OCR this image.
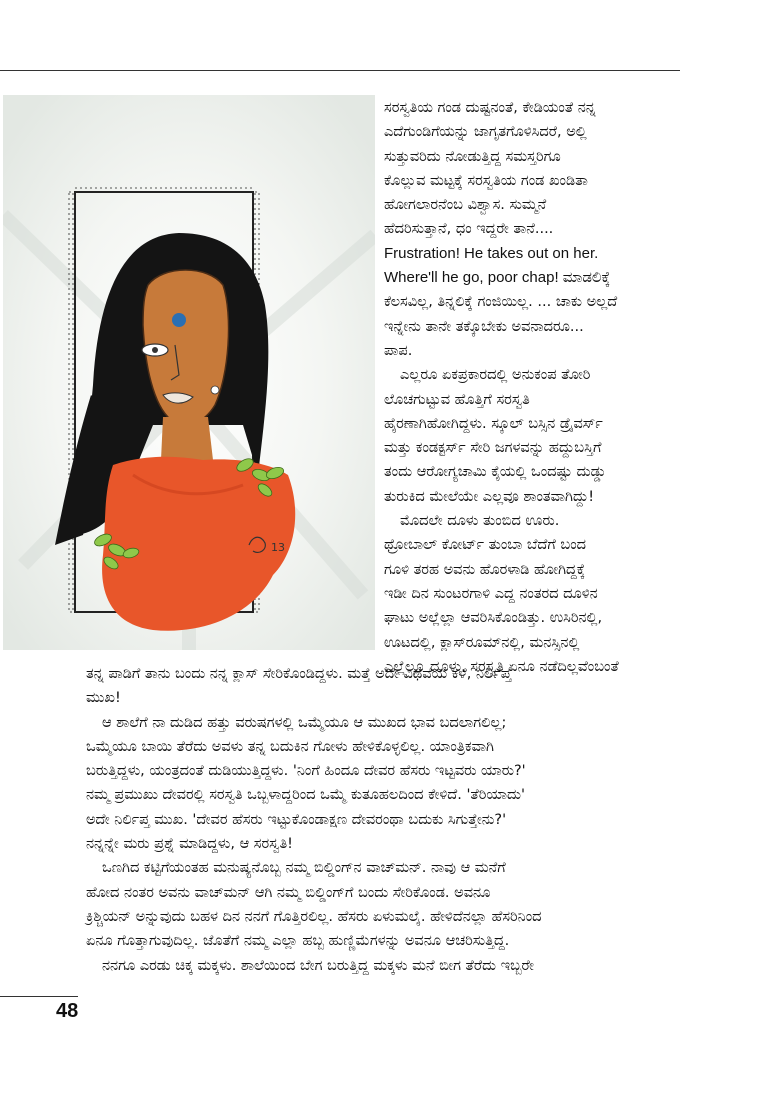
13
ಸರಸ್ವತಿಯ ಗಂಡ ದುಷ್ಟನಂತೆ, ಕೇಡಿಯಂತೆ ನನ್ನ
ಎದೆಗುಂಡಿಗೆಯನ್ನು ಜಾಗೃತಗೊಳಿಸಿದರೆ, ಅಲ್ಲಿ
ಸುತ್ತುವರಿದು ನೋಡುತ್ತಿದ್ದ ಸಮಸ್ತರಿಗೂ
ಕೊಲ್ಲುವ ಮಟ್ಟಕ್ಕೆ ಸರಸ್ವತಿಯ ಗಂಡ ಖಂಡಿತಾ
ಹೋಗಲಾರನೆಂಬ ವಿಶ್ವಾಸ. ಸುಮ್ಮನೆ
ಹೆದರಿಸುತ್ತಾನೆ, ಧಂ ಇದ್ದರೇ ತಾನೆ....
Frustration! He takes out on her.
Where'll he go, poor chap! ಮಾಡಲಿಕ್ಕೆ
ಕೆಲಸವಿಲ್ಲ, ತಿನ್ನಲಿಕ್ಕೆ ಗಂಜಿಯಿಲ್ಲ. ... ಚಾಕು ಅಲ್ಲದೆ
ಇನ್ನೇನು ತಾನೇ ತಕ್ಕೊಬೇಕು ಅವನಾದರೂ...
ಪಾಪ.
ಎಲ್ಲರೂ ಏಕಪ್ರಕಾರದಲ್ಲಿ ಅನುಕಂಪ ತೋರಿ
ಲೊಚಗುಟ್ಟುವ ಹೊತ್ತಿಗೆ ಸರಸ್ವತಿ
ಹೈರಣಾಗಿಹೋಗಿದ್ದಳು. ಸ್ಕೂಲ್ ಬಸ್ಸಿನ ಡ್ರೈವರ್ಸ್
ಮತ್ತು ಕಂಡಕ್ಟರ್ಸ್ ಸೇರಿ ಜಗಳವನ್ನು ಹದ್ದುಬಸ್ತಿಗೆ
ತಂದು ಆರೋಗ್ಯಚಾಮಿ ಕೈಯಲ್ಲಿ ಒಂದಷ್ಟು ದುಡ್ಡು
ತುರುಕಿದ ಮೇಲೆಯೇ ಎಲ್ಲವೂ ಶಾಂತವಾಗಿದ್ದು!
ಮೊದಲೇ ದೂಳು ತುಂಬಿದ ಊರು.
ಥ್ರೋಬಾಲ್ ಕೋರ್ಟ್ ತುಂಬಾ ಬೆದೆಗೆ ಬಂದ
ಗೂಳಿ ತರಹ ಅವನು ಹೊರಳಾಡಿ ಹೋಗಿದ್ದಕ್ಕೆ
ಇಡೀ ದಿನ ಸುಂಟರಗಾಳಿ ಎದ್ದ ನಂತರದ ದೂಳಿನ
ಘಾಟು ಅಲ್ಲೆಲ್ಲಾ ಆವರಿಸಿಕೊಂಡಿತ್ತು. ಉಸಿರಿನಲ್ಲಿ,
ಊಟದಲ್ಲಿ, ಕ್ಲಾಸ್‌ರೂಮ್‌ನಲ್ಲಿ, ಮನಸ್ಸಿನಲ್ಲಿ
ಎಲ್ಲೆಲ್ಲೂ ದೂಳು. ಸರಸ್ವತಿ ಏನೂ ನಡೆದಿಲ್ಲವೆಂಬಂತೆ
ತನ್ನ ಪಾಡಿಗೆ ತಾನು ಬಂದು ನನ್ನ ಕ್ಲಾಸ್ ಸೇರಿಕೊಂಡಿದ್ದಳು. ಮತ್ತೆ ಅದೇ ವಿಧವೆಯ ಕಳೆ, ನಿರ್ಲಿಪ್ತ
ಮುಖ!
ಆ ಶಾಲೆಗೆ ನಾ ದುಡಿದ ಹತ್ತು ವರುಷಗಳಲ್ಲಿ ಒಮ್ಮೆಯೂ ಆ ಮುಖದ ಭಾವ ಬದಲಾಗಲಿಲ್ಲ;
ಒಮ್ಮೆಯೂ ಬಾಯಿ ತೆರೆದು ಅವಳು ತನ್ನ ಬದುಕಿನ ಗೋಳು ಹೇಳಿಕೊಳ್ಳಲಿಲ್ಲ. ಯಾಂತ್ರಿಕವಾಗಿ
ಬರುತ್ತಿದ್ದಳು, ಯಂತ್ರದಂತೆ ದುಡಿಯುತ್ತಿದ್ದಳು. 'ನಿಂಗೆ ಹಿಂದೂ ದೇವರ ಹೆಸರು ಇಟ್ಟವರು ಯಾರು?'
ನಮ್ಮ ಪ್ರಮುಖು ದೇವರಲ್ಲಿ ಸರಸ್ವತಿ ಒಬ್ಬಳಾದ್ದರಿಂದ ಒಮ್ಮೆ ಕುತೂಹಲದಿಂದ ಕೇಳಿದೆ. 'ತೆರಿಯಾದು'
ಅದೇ ನಿರ್ಲಿಪ್ತ ಮುಖ. 'ದೇವರ ಹೆಸರು ಇಟ್ಟುಕೊಂಡಾಕ್ಷಣ ದೇವರಂಥಾ ಬದುಕು ಸಿಗುತ್ತೇನು?'
ನನ್ನನ್ನೇ ಮರು ಪ್ರಶ್ನೆ ಮಾಡಿದ್ದಳು, ಆ ಸರಸ್ವತಿ!
ಒಣಗಿದ ಕಟ್ಟಿಗೆಯಂತಹ ಮನುಷ್ಯನೊಬ್ಬ ನಮ್ಮ ಬಿಲ್ಡಿಂಗ್‌ನ ವಾಚ್‌ಮನ್. ನಾವು ಆ ಮನೆಗೆ
ಹೋದ ನಂತರ ಅವನು ವಾಚ್‌ಮನ್ ಆಗಿ ನಮ್ಮ ಬಿಲ್ಡಿಂಗ್‌ಗೆ ಬಂದು ಸೇರಿಕೊಂಡ. ಅವನೂ
ಕ್ರಿಶ್ಚಿಯನ್ ಅನ್ನುವುದು ಬಹಳ ದಿನ ನನಗೆ ಗೊತ್ತಿರಲಿಲ್ಲ. ಹೆಸರು ಏಳುಮಲೈ. ಹೇಳಿದೆನಲ್ಲಾ ಹೆಸರಿನಿಂದ
ಏನೂ ಗೊತ್ತಾಗುವುದಿಲ್ಲ. ಜೊತೆಗೆ ನಮ್ಮ ಎಲ್ಲಾ ಹಬ್ಬ ಹುಣ್ಣಿಮೆಗಳನ್ನು ಅವನೂ ಆಚರಿಸುತ್ತಿದ್ದ.
ನನಗೂ ಎರಡು ಚಿಕ್ಕ ಮಕ್ಕಳು. ಶಾಲೆಯಿಂದ ಬೇಗ ಬರುತ್ತಿದ್ದ ಮಕ್ಕಳು ಮನೆ ಬೀಗ ತೆರೆದು ಇಬ್ಬರೇ
48
